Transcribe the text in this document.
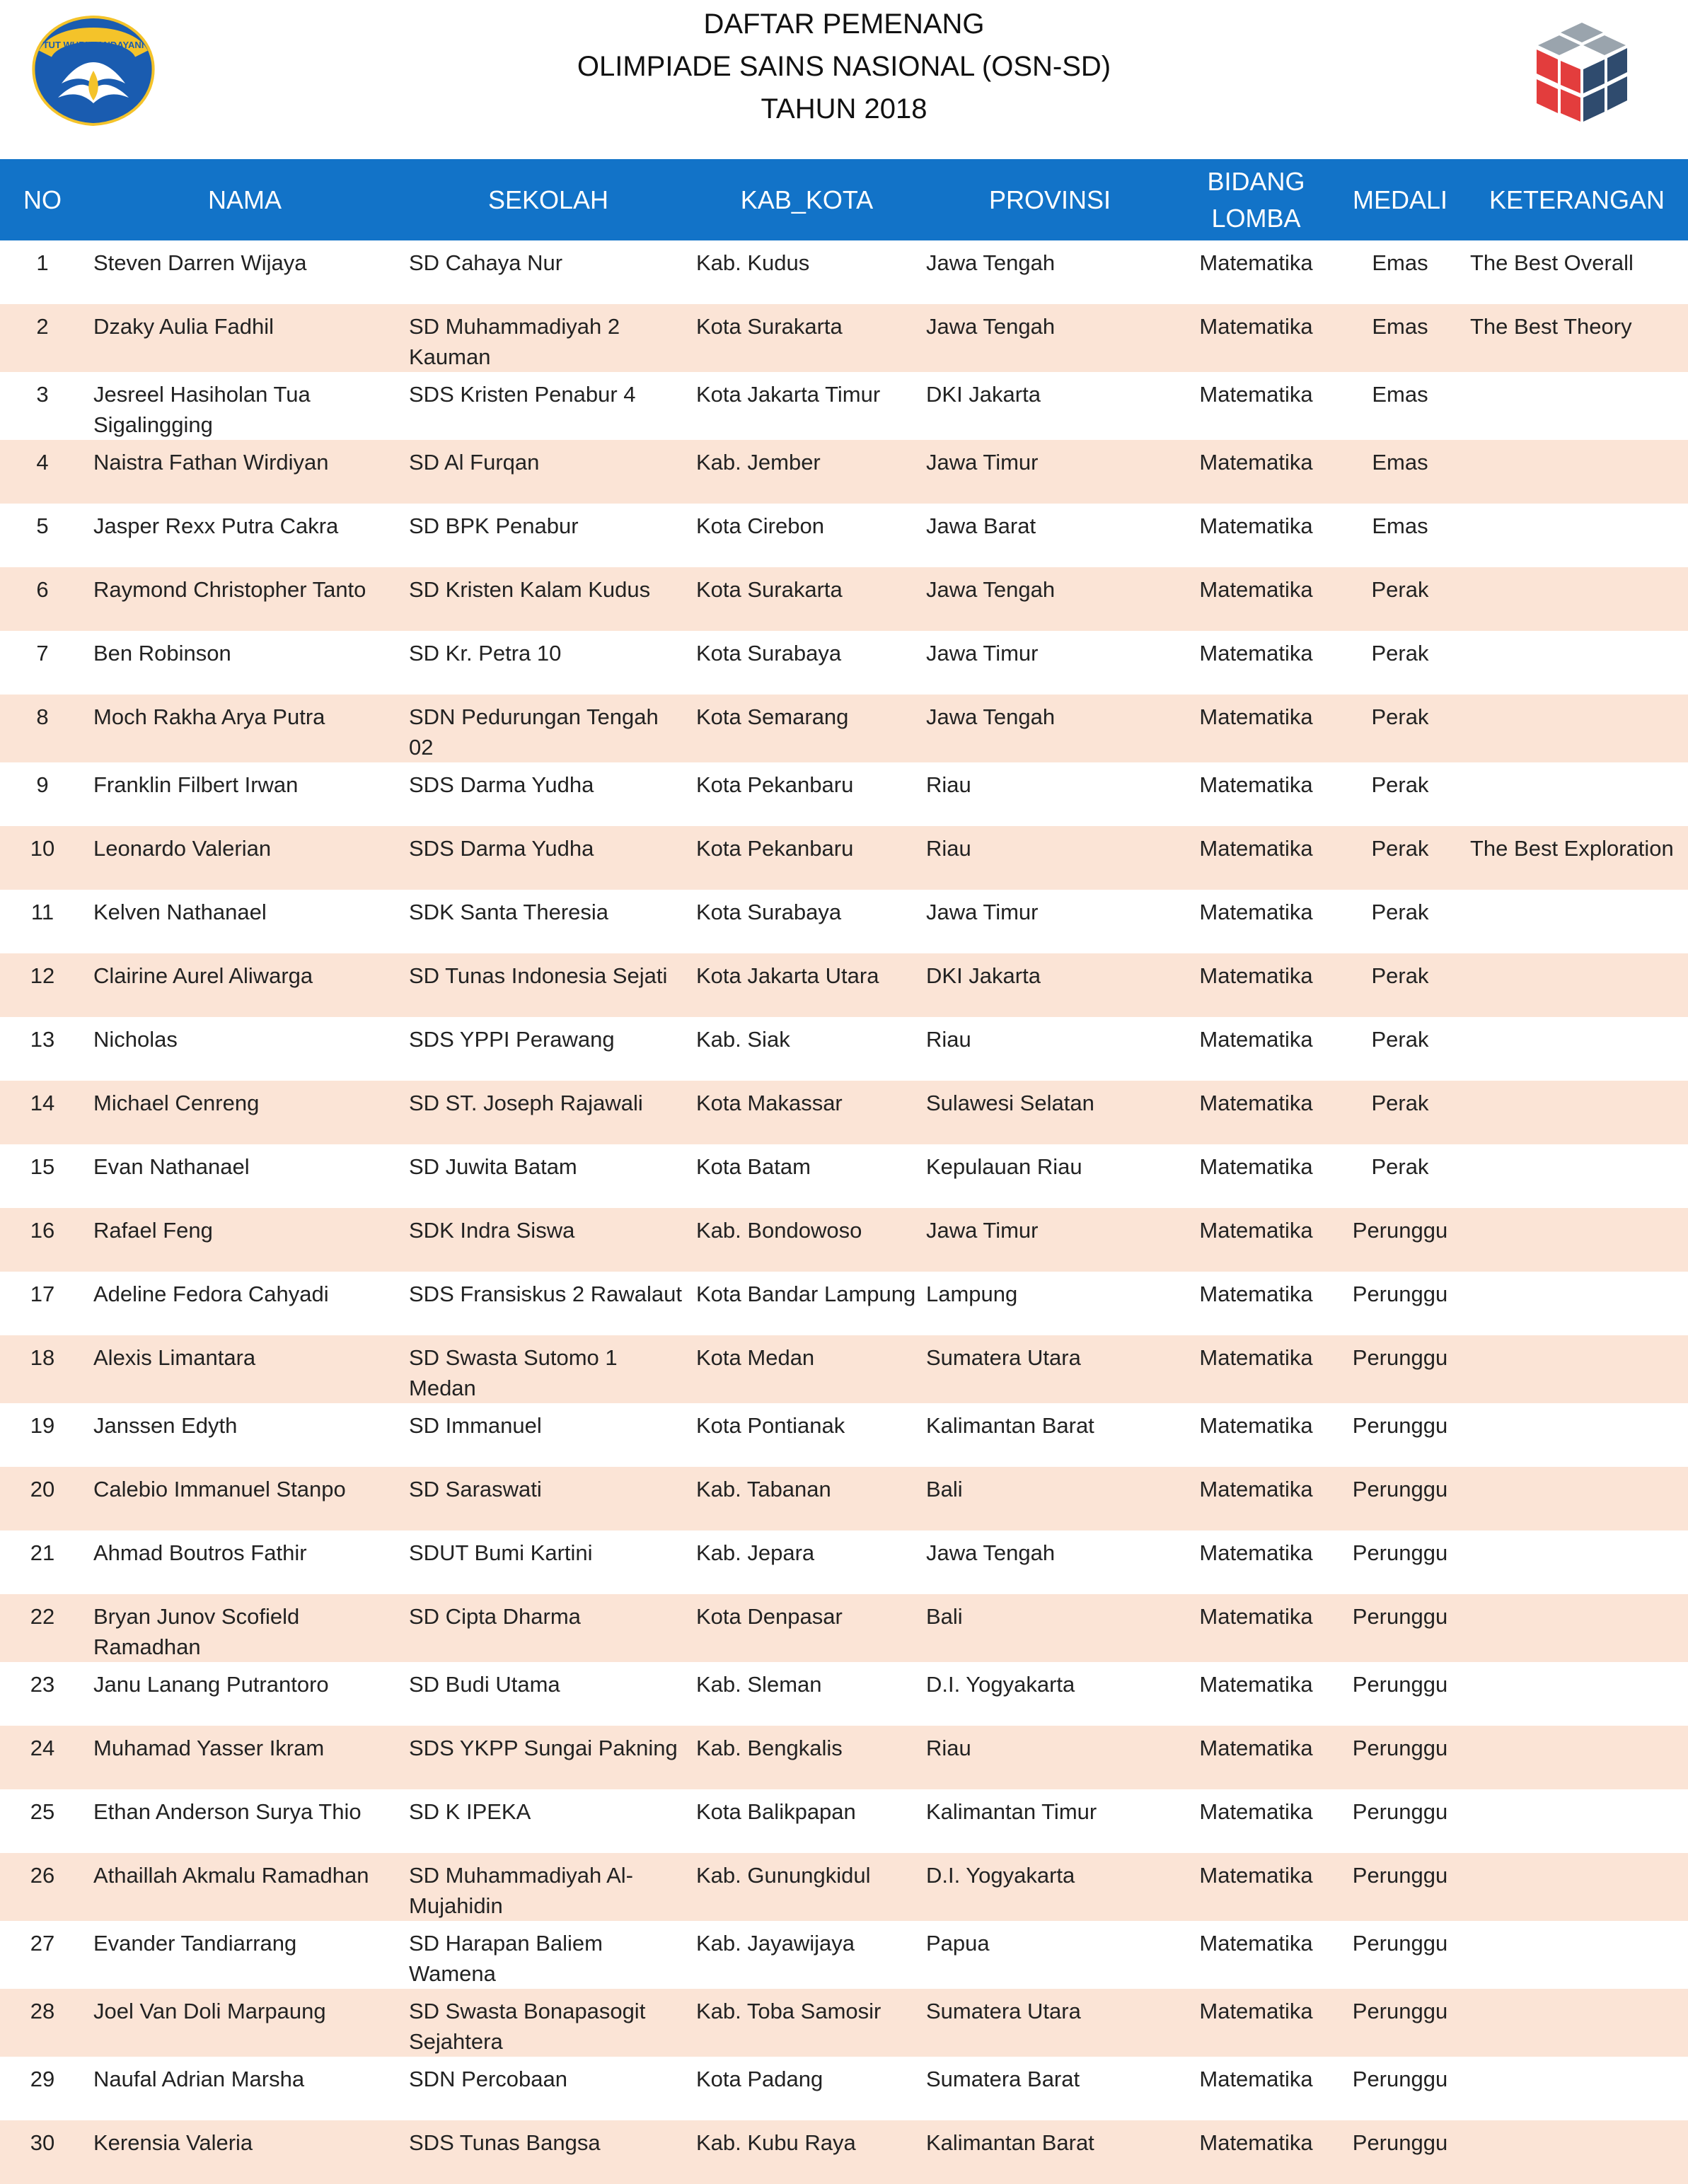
TUT WURI HANDAYANI
DAFTAR PEMENANG
OLIMPIADE SAINS NASIONAL (OSN-SD)
TAHUN 2018
NO	NAMA	SEKOLAH	KAB_KOTA	PROVINSI	BIDANG LOMBA	MEDALI	KETERANGAN
1	Steven Darren Wijaya	SD Cahaya Nur	Kab. Kudus	Jawa Tengah	Matematika	Emas	The Best Overall
2	Dzaky Aulia Fadhil	SD Muhammadiyah 2 Kauman	Kota Surakarta	Jawa Tengah	Matematika	Emas	The Best Theory
3	Jesreel Hasiholan Tua Sigalingging	SDS Kristen Penabur 4	Kota Jakarta Timur	DKI Jakarta	Matematika	Emas	
4	Naistra Fathan Wirdiyan	SD Al Furqan	Kab. Jember	Jawa Timur	Matematika	Emas	
5	Jasper Rexx Putra Cakra	SD BPK Penabur	Kota Cirebon	Jawa Barat	Matematika	Emas	
6	Raymond Christopher Tanto	SD Kristen Kalam Kudus	Kota Surakarta	Jawa Tengah	Matematika	Perak	
7	Ben Robinson	SD Kr. Petra 10	Kota Surabaya	Jawa Timur	Matematika	Perak	
8	Moch Rakha Arya Putra	SDN Pedurungan Tengah 02	Kota Semarang	Jawa Tengah	Matematika	Perak	
9	Franklin Filbert Irwan	SDS Darma Yudha	Kota Pekanbaru	Riau	Matematika	Perak	
10	Leonardo Valerian	SDS Darma Yudha	Kota Pekanbaru	Riau	Matematika	Perak	The Best Exploration
11	Kelven Nathanael	SDK Santa Theresia	Kota Surabaya	Jawa Timur	Matematika	Perak	
12	Clairine Aurel Aliwarga	SD Tunas Indonesia Sejati	Kota Jakarta Utara	DKI Jakarta	Matematika	Perak	
13	Nicholas	SDS YPPI Perawang	Kab. Siak	Riau	Matematika	Perak	
14	Michael Cenreng	SD ST. Joseph Rajawali	Kota Makassar	Sulawesi Selatan	Matematika	Perak	
15	Evan Nathanael	SD Juwita Batam	Kota Batam	Kepulauan Riau	Matematika	Perak	
16	Rafael Feng	SDK Indra Siswa	Kab. Bondowoso	Jawa Timur	Matematika	Perunggu	
17	Adeline Fedora Cahyadi	SDS Fransiskus 2 Rawalaut	Kota Bandar Lampung	Lampung	Matematika	Perunggu	
18	Alexis Limantara	SD Swasta Sutomo 1 Medan	Kota Medan	Sumatera Utara	Matematika	Perunggu	
19	Janssen Edyth	SD Immanuel	Kota Pontianak	Kalimantan Barat	Matematika	Perunggu	
20	Calebio Immanuel Stanpo	SD Saraswati	Kab. Tabanan	Bali	Matematika	Perunggu	
21	Ahmad Boutros Fathir	SDUT Bumi Kartini	Kab. Jepara	Jawa Tengah	Matematika	Perunggu	
22	Bryan Junov Scofield Ramadhan	SD Cipta Dharma	Kota Denpasar	Bali	Matematika	Perunggu	
23	Janu Lanang Putrantoro	SD Budi Utama	Kab. Sleman	D.I. Yogyakarta	Matematika	Perunggu	
24	Muhamad Yasser Ikram	SDS YKPP Sungai Pakning	Kab. Bengkalis	Riau	Matematika	Perunggu	
25	Ethan Anderson Surya Thio	SD K IPEKA	Kota Balikpapan	Kalimantan Timur	Matematika	Perunggu	
26	Athaillah Akmalu Ramadhan	SD Muhammadiyah Al-Mujahidin	Kab. Gunungkidul	D.I. Yogyakarta	Matematika	Perunggu	
27	Evander Tandiarrang	SD Harapan Baliem Wamena	Kab. Jayawijaya	Papua	Matematika	Perunggu	
28	Joel Van Doli Marpaung	SD Swasta Bonapasogit Sejahtera	Kab. Toba Samosir	Sumatera Utara	Matematika	Perunggu	
29	Naufal Adrian Marsha	SDN Percobaan	Kota Padang	Sumatera Barat	Matematika	Perunggu	
30	Kerensia Valeria	SDS Tunas Bangsa	Kab. Kubu Raya	Kalimantan Barat	Matematika	Perunggu	
